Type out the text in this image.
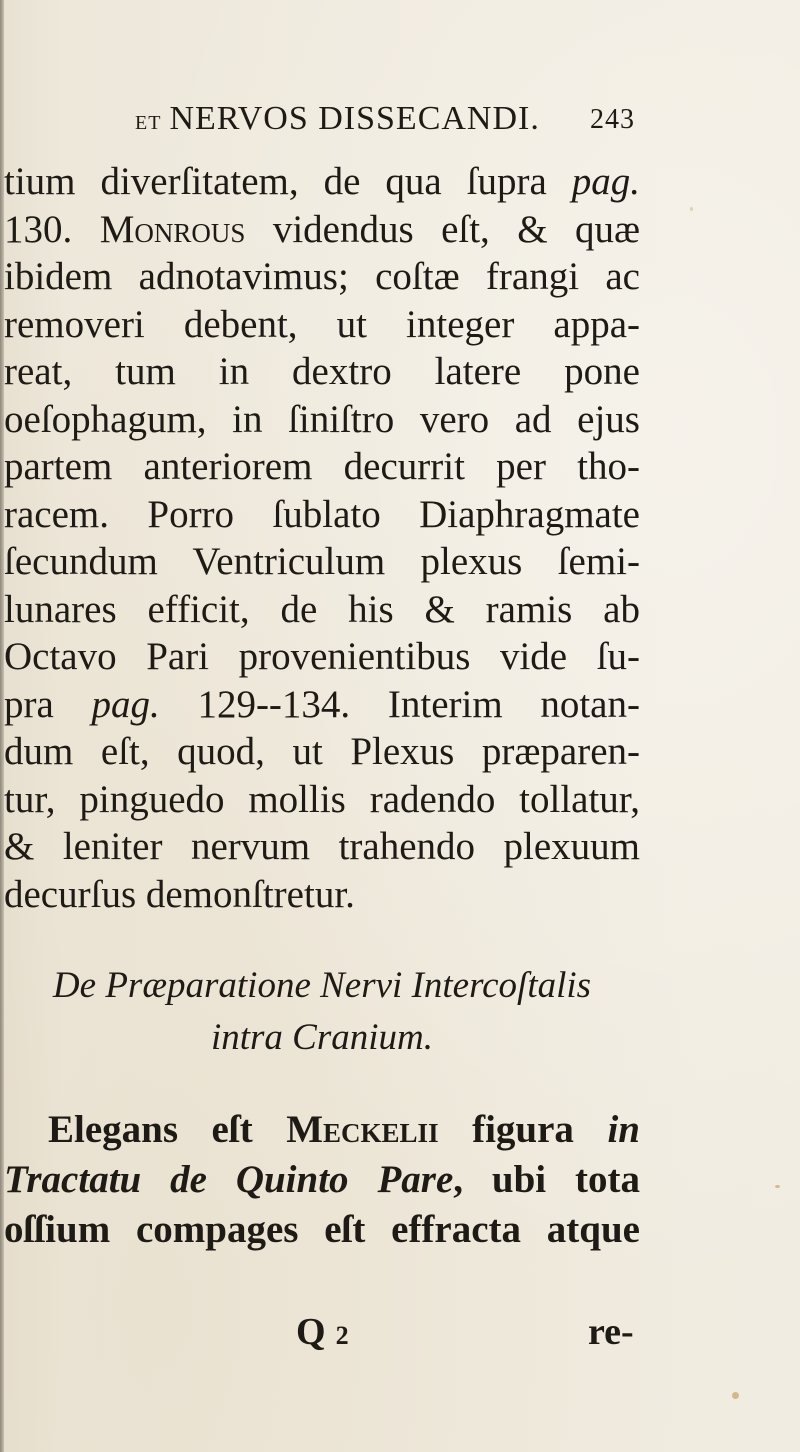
ET NERVOS DISSECANDI. 243
tium diverſitatem, de qua ſupra pag.
130. Monrous videndus eſt, & quæ
ibidem adnotavimus; coſtæ frangi ac
removeri debent, ut integer appa-
reat, tum in dextro latere pone
oeſophagum, in ſiniſtro vero ad ejus
partem anteriorem decurrit per tho-
racem. Porro ſublato Diaphragmate
ſecundum Ventriculum plexus ſemi-
lunares efficit, de his & ramis ab
Octavo Pari provenientibus vide ſu-
pra pag. 129--134. Interim notan-
dum eſt, quod, ut Plexus præparen-
tur, pinguedo mollis radendo tollatur,
& leniter nervum trahendo plexuum
decurſus demonſtretur.
De Præparatione Nervi Intercoſtalis
intra Cranium.
Elegans eſt Meckelii figura in
Tractatu de Quinto Pare, ubi tota
oſſium compages eſt effracta atque
Q 2	re-
